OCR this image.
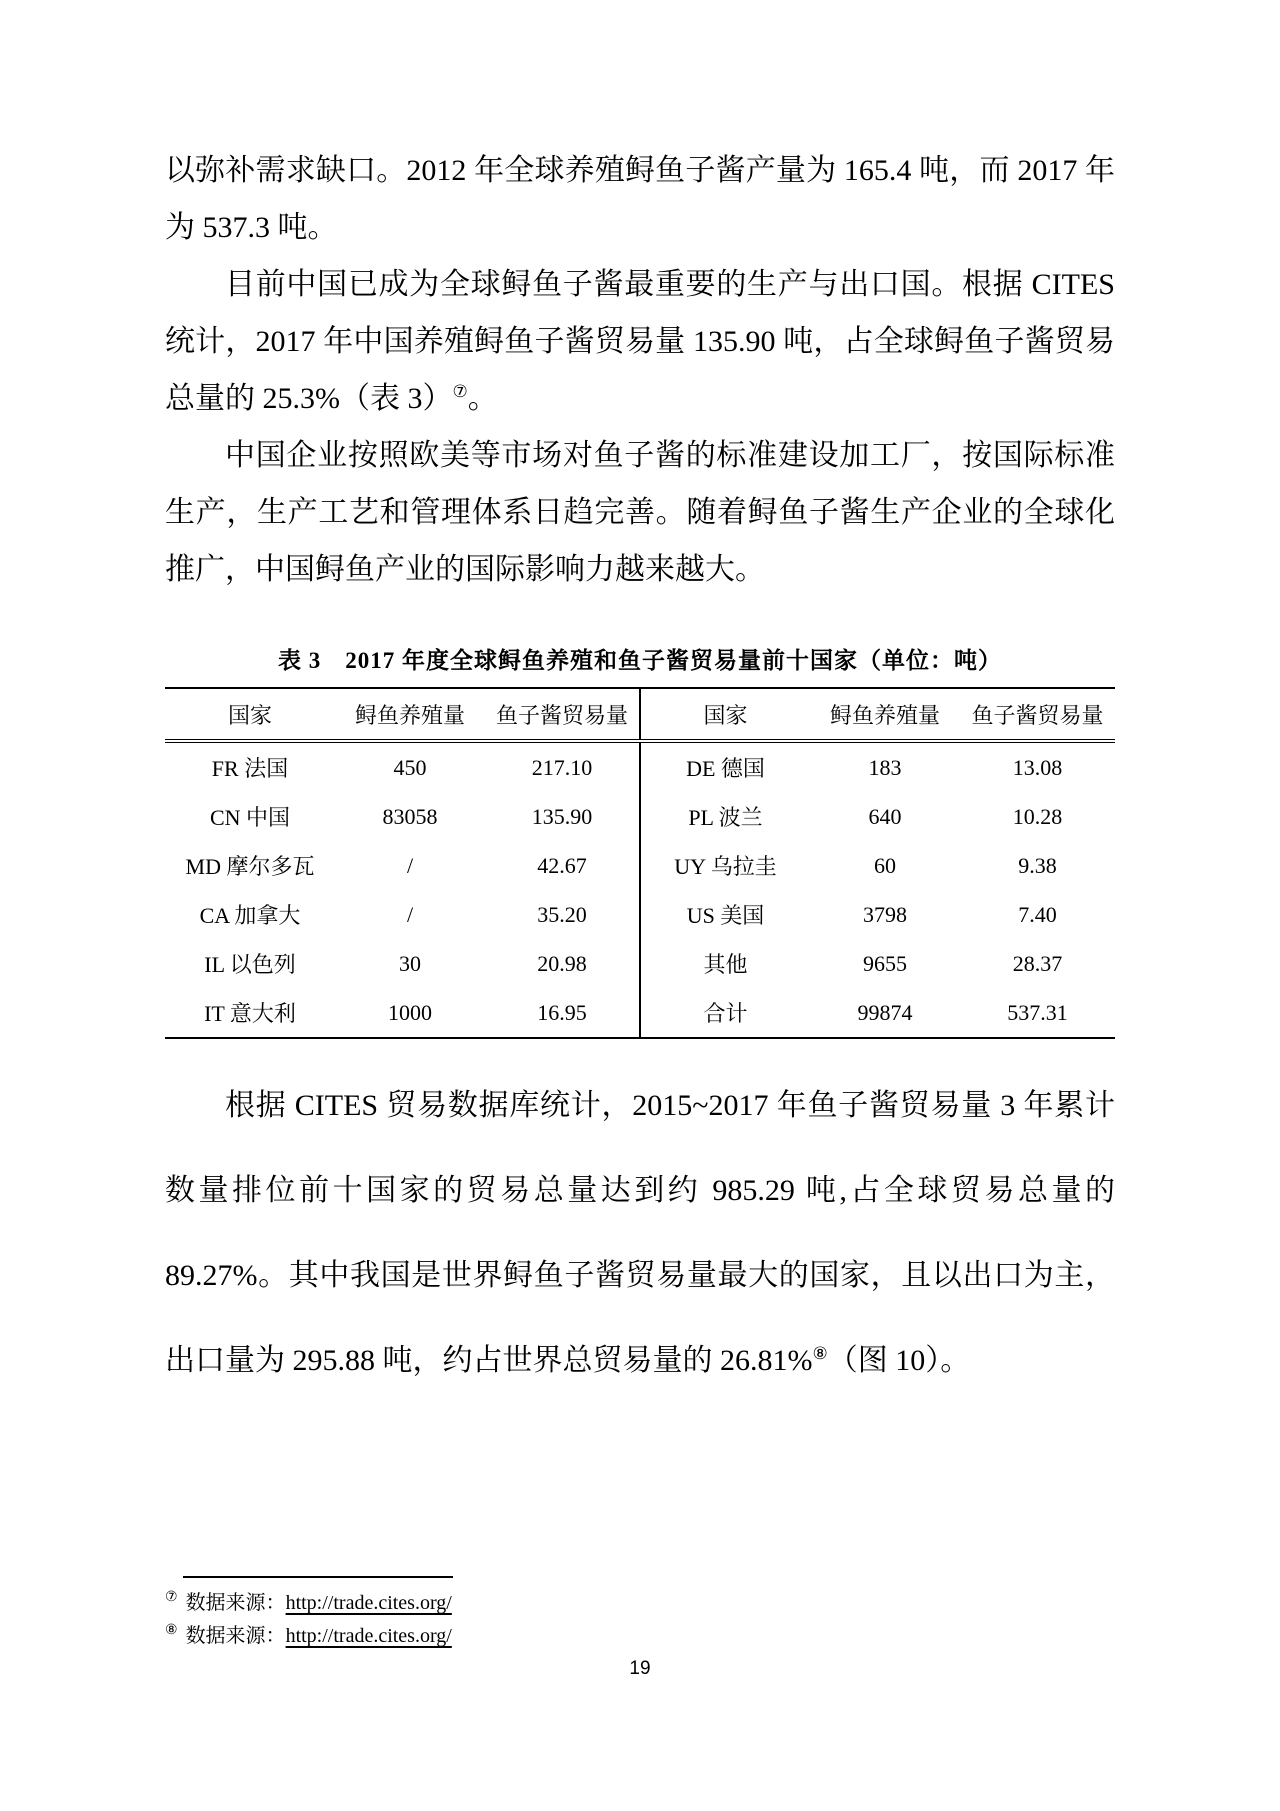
以弥补需求缺口。2012 年全球养殖鲟鱼子酱产量为 165.4 吨，而 2017 年为 537.3 吨。

目前中国已成为全球鲟鱼子酱最重要的生产与出口国。根据 CITES 统计，2017 年中国养殖鲟鱼子酱贸易量 135.90 吨，占全球鲟鱼子酱贸易总量的 25.3%（表 3）⑦。

中国企业按照欧美等市场对鱼子酱的标准建设加工厂，按国际标准生产，生产工艺和管理体系日趋完善。随着鲟鱼子酱生产企业的全球化推广，中国鲟鱼产业的国际影响力越来越大。

表 3　2017 年度全球鲟鱼养殖和鱼子酱贸易量前十国家（单位：吨）
国家	鲟鱼养殖量	鱼子酱贸易量	国家	鲟鱼养殖量	鱼子酱贸易量
FR 法国	450	217.10	DE 德国	183	13.08
CN 中国	83058	135.90	PL 波兰	640	10.28
MD 摩尔多瓦	/	42.67	UY 乌拉圭	60	9.38
CA 加拿大	/	35.20	US 美国	3798	7.40
IL 以色列	30	20.98	其他	9655	28.37
IT 意大利	1000	16.95	合计	99874	537.31

根据 CITES 贸易数据库统计，2015~2017 年鱼子酱贸易量 3 年累计数量排位前十国家的贸易总量达到约 985.29 吨,占全球贸易总量的 89.27%。其中我国是世界鲟鱼子酱贸易量最大的国家，且以出口为主，出口量为 295.88 吨，约占世界总贸易量的 26.81%⑧（图 10）。

⑦ 数据来源：http://trade.cites.org/

⑧ 数据来源：http://trade.cites.org/

19
